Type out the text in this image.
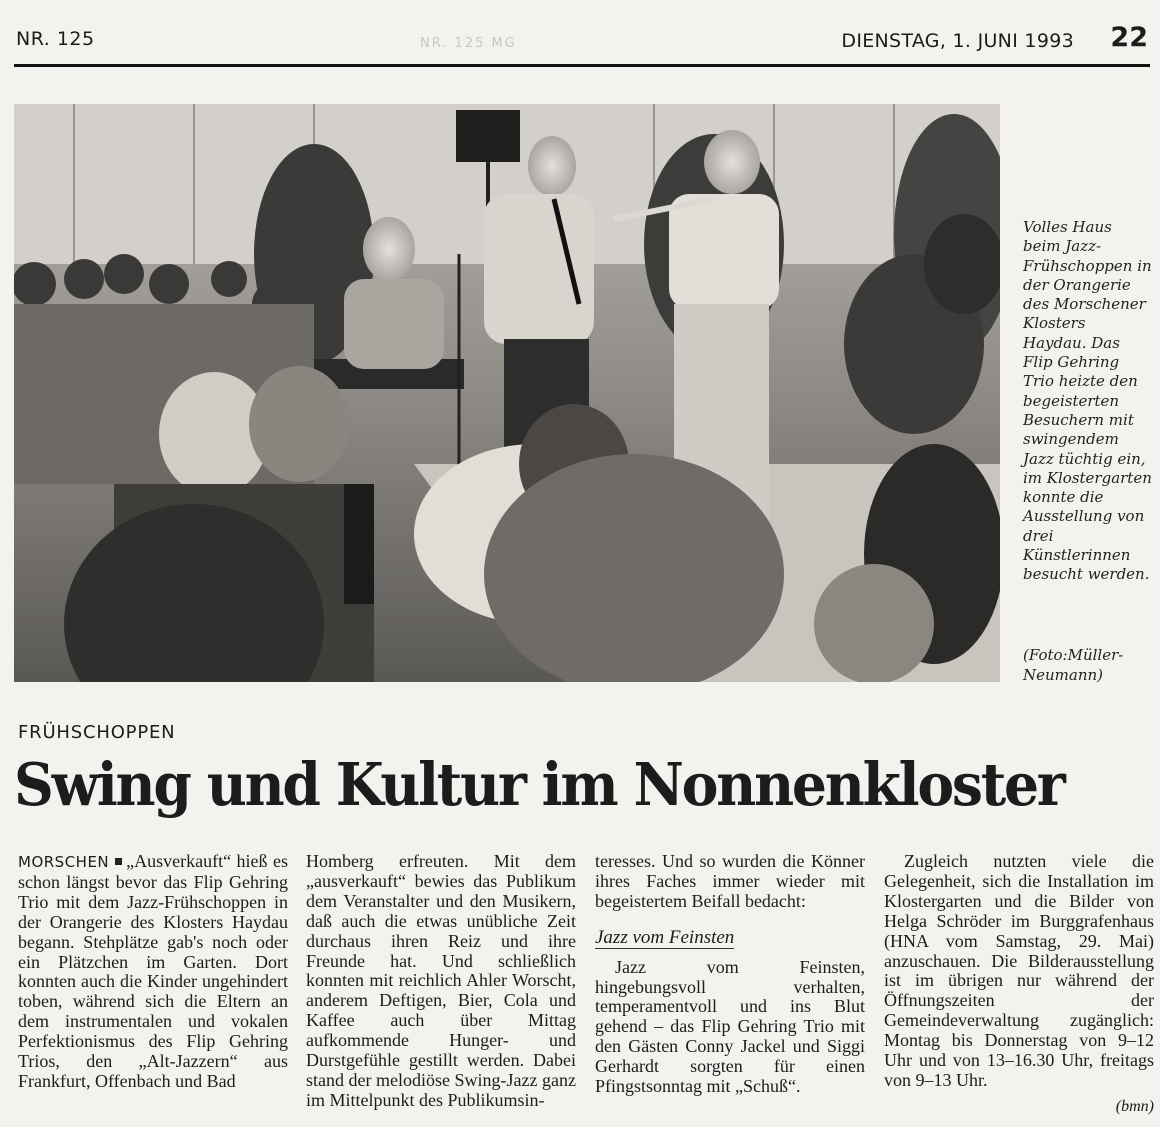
NR. 125	DIENSTAG, 1. JUNI 1993 22
NR. 125 MG

Volles Haus beim Jazz-Frühschoppen in der Orangerie des Morschener Klosters Haydau. Das Flip Gehring Trio heizte den begeisterten Besuchern mit swingendem Jazz tüchtig ein, im Klostergarten konnte die Ausstellung von drei Künstlerinnen besucht werden.

(Foto:Müller-Neumann)
FRÜHSCHOPPEN
Swing und Kultur im Nonnenkloster

MORSCHEN „Ausverkauft“ hieß es schon längst bevor das Flip Gehring Trio mit dem Jazz-Frühschoppen in der Orangerie des Klosters Haydau begann. Stehplätze gab's noch oder ein Plätzchen im Garten. Dort konnten auch die Kinder ungehindert toben, während sich die Eltern an dem instrumentalen und vokalen Perfektionismus des Flip Gehring Trios, den „Alt-Jazzern“ aus Frankfurt, Offenbach und Bad

Homberg erfreuten. Mit dem „ausverkauft“ bewies das Publikum dem Veranstalter und den Musikern, daß auch die etwas unübliche Zeit durchaus ihren Reiz und ihre Freunde hat. Und schließlich konnten mit reichlich Ahler Worscht, anderem Deftigen, Bier, Cola und Kaffee auch über Mittag aufkommende Hunger- und Durstgefühle gestillt werden. Dabei stand der melodiöse Swing-Jazz ganz im Mittelpunkt des Publikumsin-

teresses. Und so wurden die Könner ihres Faches immer wieder mit begeistertem Beifall bedacht:

Jazz vom Feinsten

Jazz vom Feinsten, hingebungsvoll verhalten, temperamentvoll und ins Blut gehend – das Flip Gehring Trio mit den Gästen Conny Jackel und Siggi Gerhardt sorgten für einen Pfingstsonntag mit „Schuß“.

Zugleich nutzten viele die Gelegenheit, sich die Installation im Klostergarten und die Bilder von Helga Schröder im Burggrafenhaus (HNA vom Samstag, 29. Mai) anzuschauen. Die Bilderausstellung ist im übrigen nur während der Öffnungszeiten der Gemeindeverwaltung zugänglich: Montag bis Donnerstag von 9–12 Uhr und von 13–16.30 Uhr, freitags von 9–13 Uhr.

(bmn)
